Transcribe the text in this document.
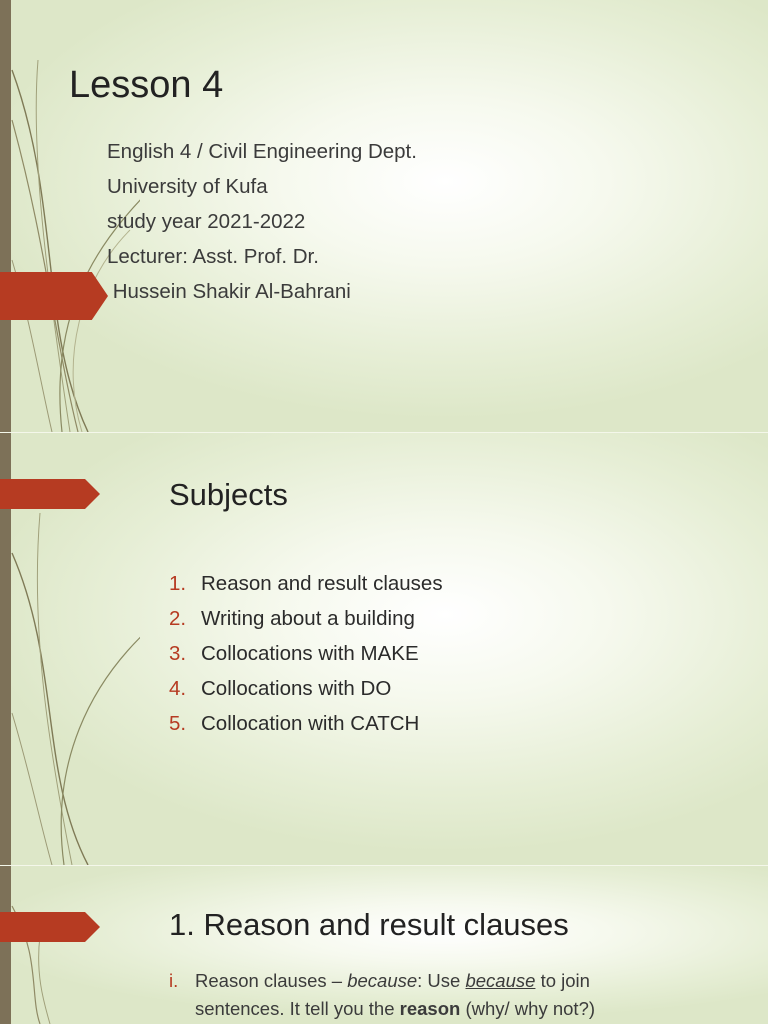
Lesson 4
English 4 / Civil Engineering Dept.
University of Kufa
study year 2021-2022
Lecturer: Asst. Prof. Dr.
Hussein Shakir Al-Bahrani
Subjects
1. Reason and result clauses
2. Writing about a building
3. Collocations with MAKE
4. Collocations with DO
5. Collocation with CATCH
1. Reason and result clauses
i. Reason clauses – because: Use because to join
sentences. It tell you the reason (why/ why not?)
